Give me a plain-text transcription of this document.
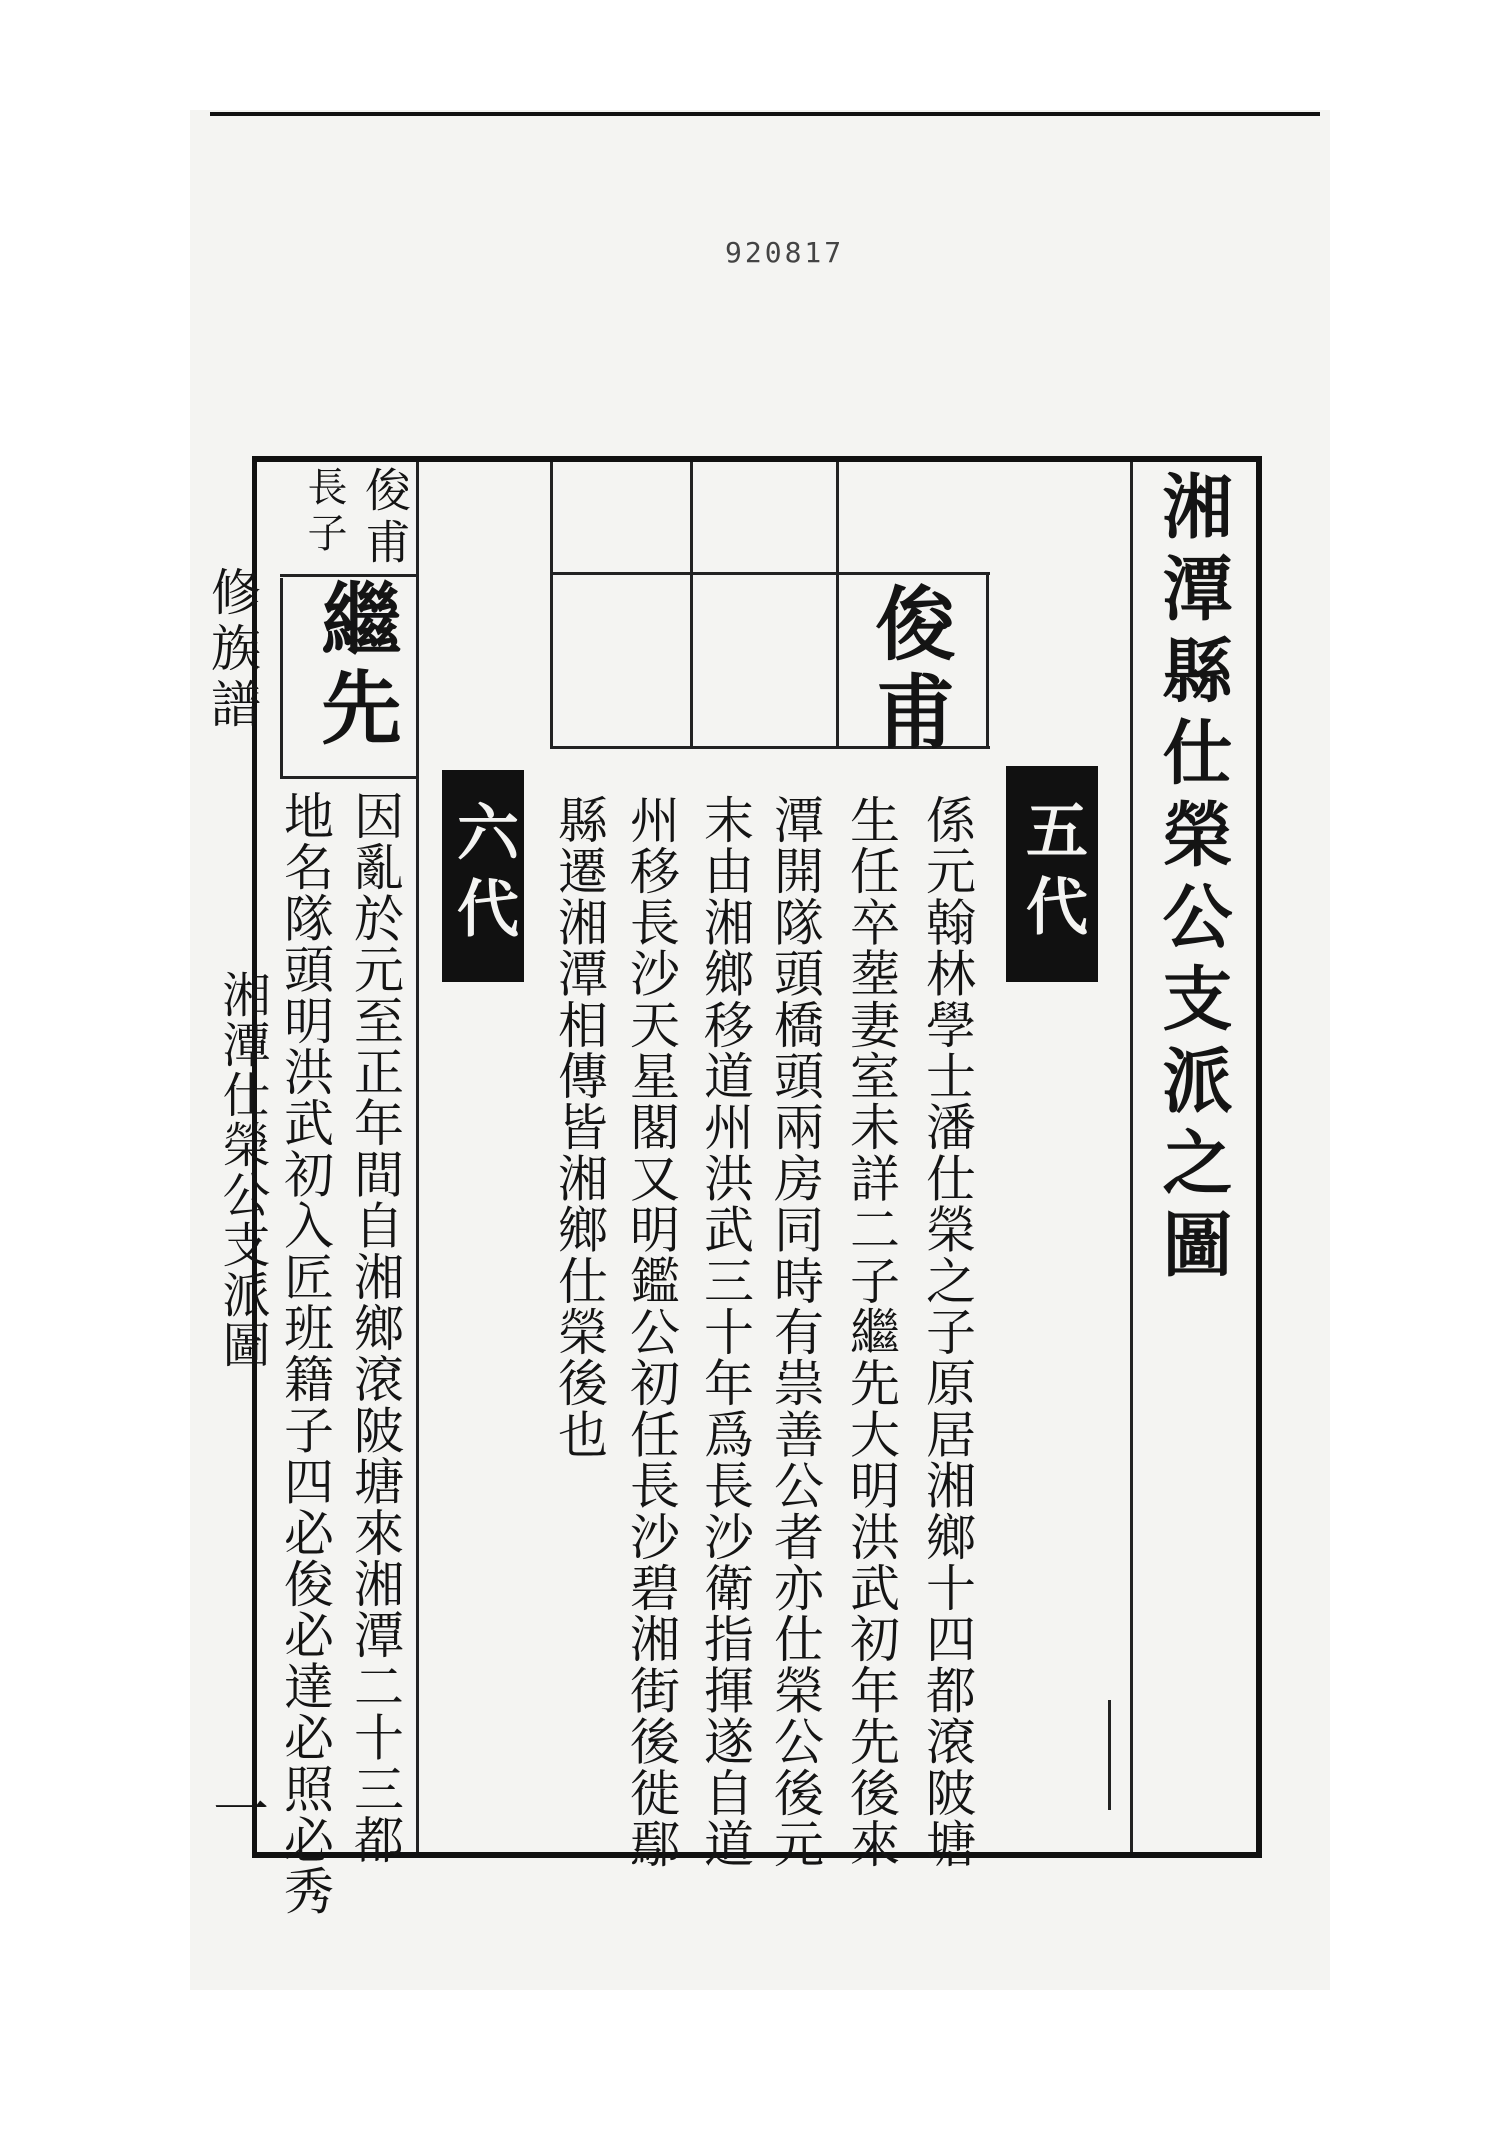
920817
湘潭縣仕榮公支派之圖
五代
俊甫
係元翰林學士潘仕榮之子原居湘鄉十四都滾陂塘
生任卒塟妻室未詳二子繼先大明洪武初年先後來
潭開隊頭橋頭兩房同時有祟善公者亦仕榮公後元
末由湘鄉移道州洪武三十年爲長沙衛指揮遂自道
州移長沙天星閣又明鑑公初任長沙碧湘街後徙鄢
縣遷湘潭相傳皆湘鄉仕榮後也
六代
俊甫
長子
繼先
因亂於元至正年間自湘鄉滾陂塘來湘潭二十三都
地名隊頭明洪武初入匠班籍子四必俊必達必照必秀
修族譜
湘潭仕榮公支派圖
一
